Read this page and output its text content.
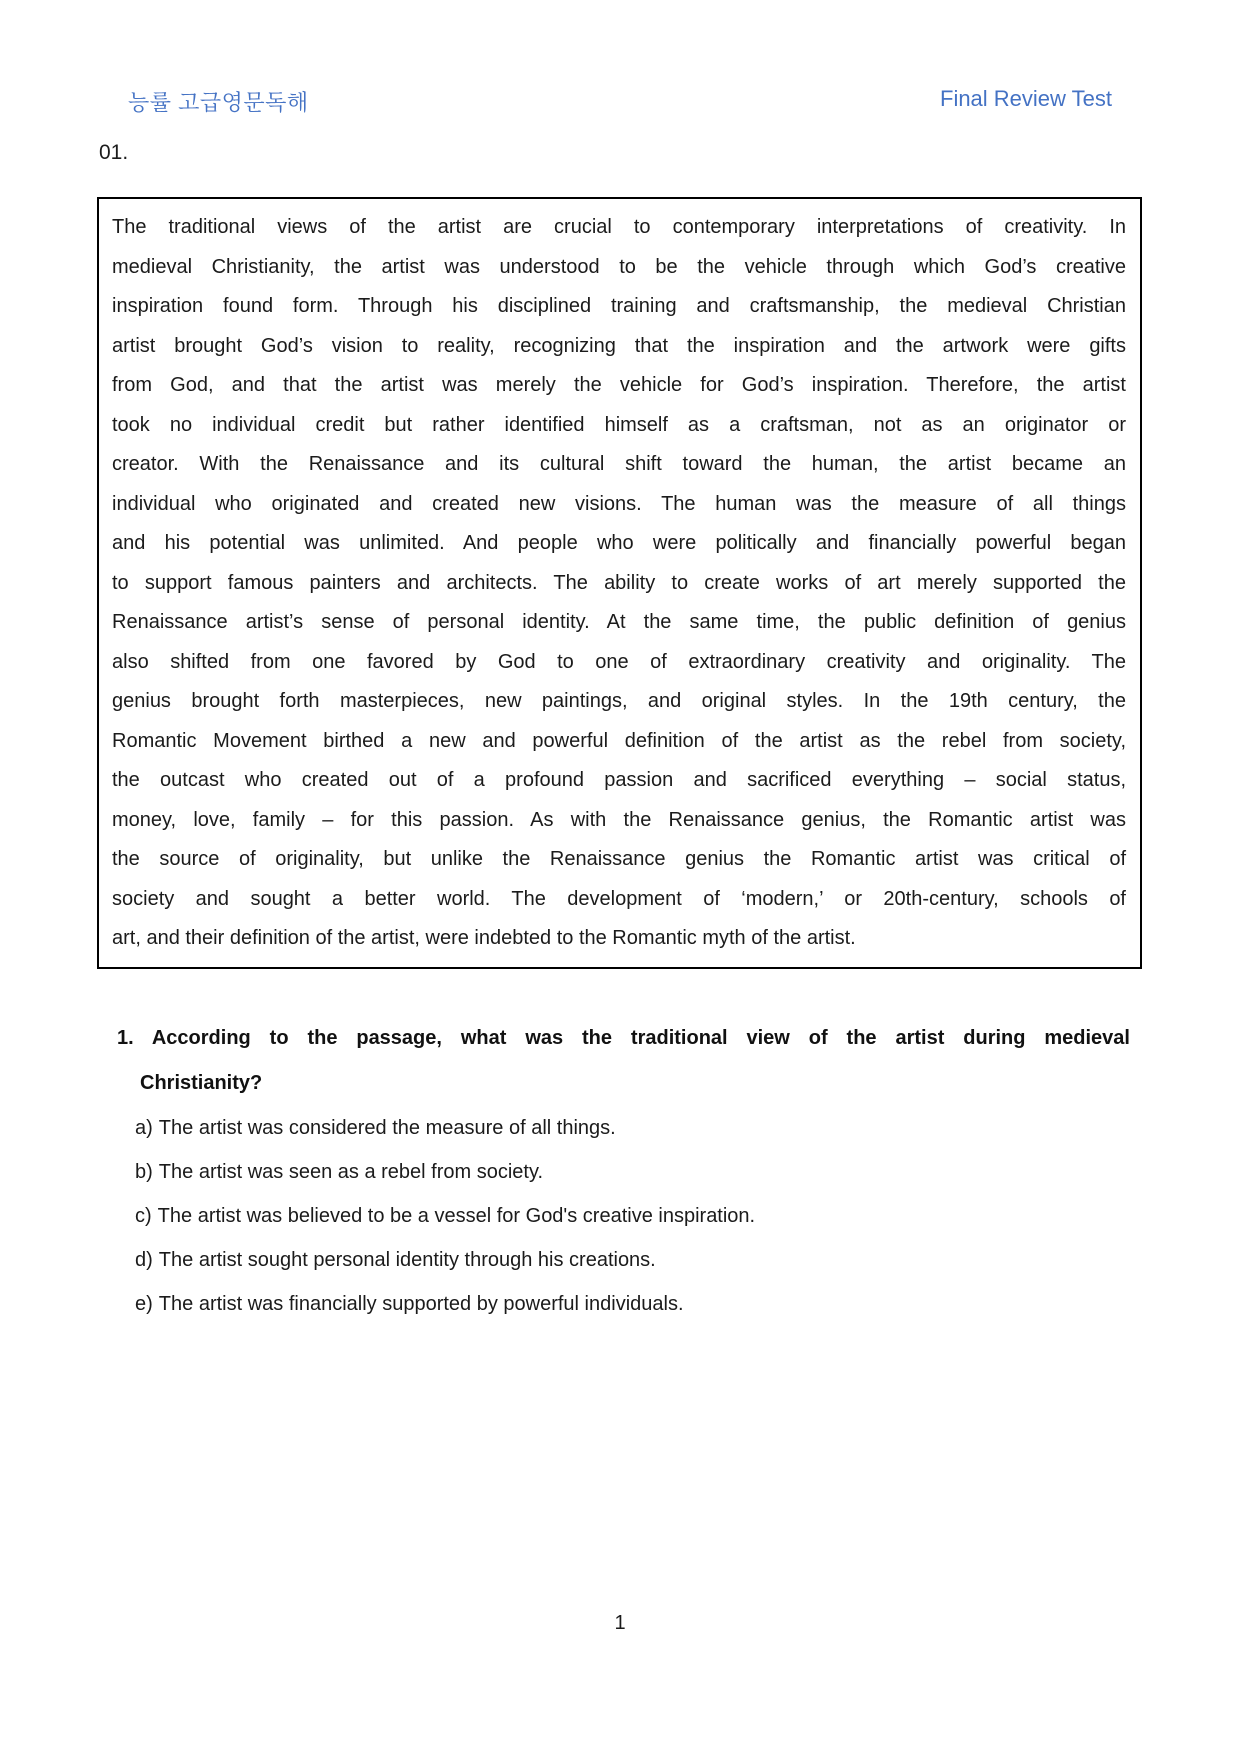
능률 고급영문독해	Final Review Test
01.
The traditional views of the artist are crucial to contemporary interpretations of creativity. In
medieval Christianity, the artist was understood to be the vehicle through which God’s creative
inspiration found form. Through his disciplined training and craftsmanship, the medieval Christian
artist brought God’s vision to reality, recognizing that the inspiration and the artwork were gifts
from God, and that the artist was merely the vehicle for God’s inspiration. Therefore, the artist
took no individual credit but rather identified himself as a craftsman, not as an originator or
creator. With the Renaissance and its cultural shift toward the human, the artist became an
individual who originated and created new visions. The human was the measure of all things
and his potential was unlimited. And people who were politically and financially powerful began
to support famous painters and architects. The ability to create works of art merely supported the
Renaissance artist’s sense of personal identity. At the same time, the public definition of genius
also shifted from one favored by God to one of extraordinary creativity and originality. The
genius brought forth masterpieces, new paintings, and original styles. In the 19th century, the
Romantic Movement birthed a new and powerful definition of the artist as the rebel from society,
the outcast who created out of a profound passion and sacrificed everything – social status,
money, love, family – for this passion. As with the Renaissance genius, the Romantic artist was
the source of originality, but unlike the Renaissance genius the Romantic artist was critical of
society and sought a better world. The development of ‘modern,’ or 20th-century, schools of
art, and their definition of the artist, were indebted to the Romantic myth of the artist.
1. According to the passage, what was the traditional view of the artist during medieval
Christianity?
a) The artist was considered the measure of all things.
b) The artist was seen as a rebel from society.
c) The artist was believed to be a vessel for God's creative inspiration.
d) The artist sought personal identity through his creations.
e) The artist was financially supported by powerful individuals.
1
